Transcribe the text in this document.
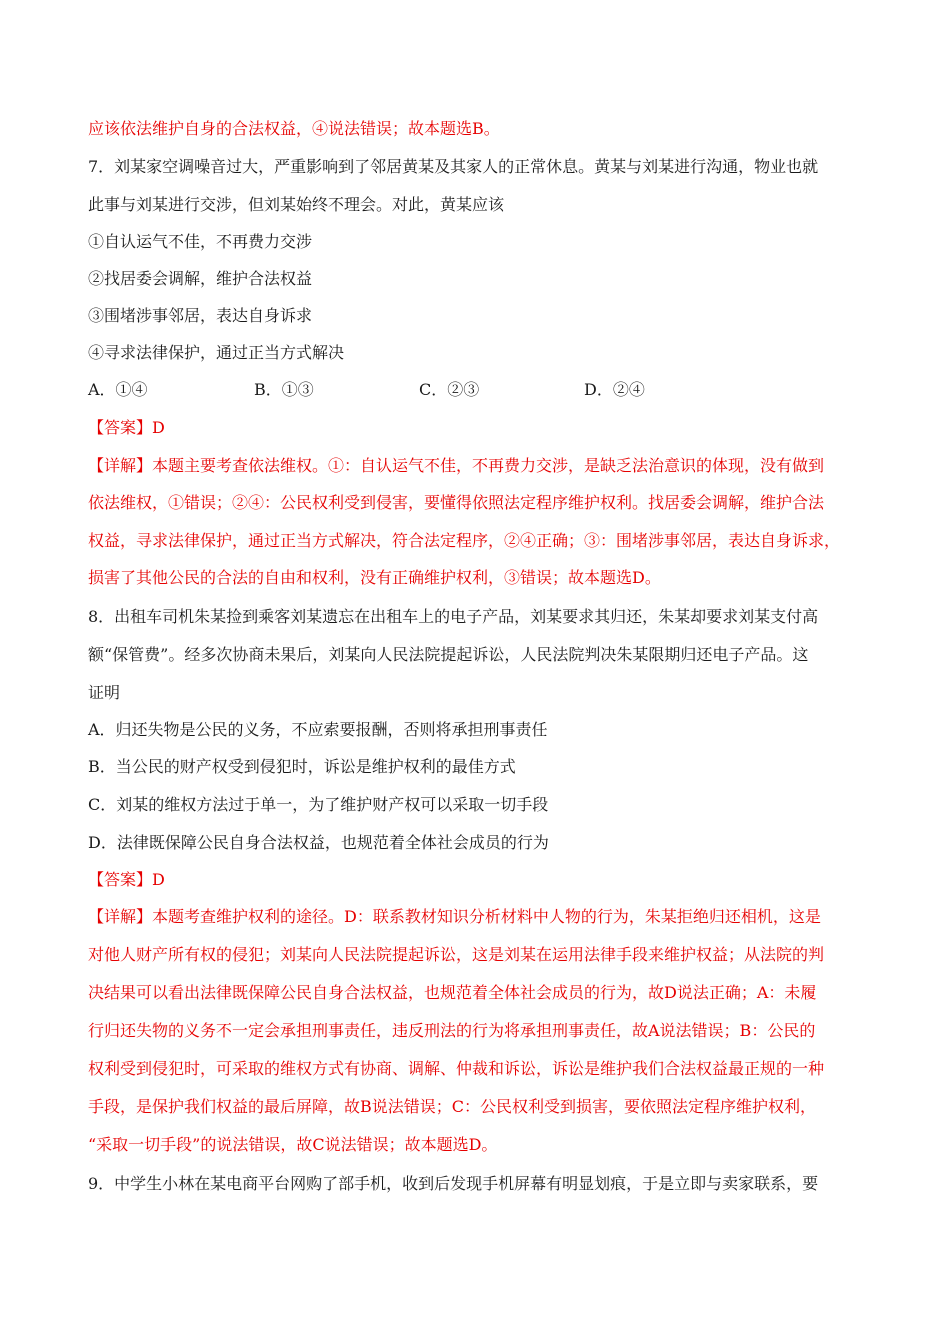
应该依法维护自身的合法权益，④说法错误；故本题选B。
7．刘某家空调噪音过大，严重影响到了邻居黄某及其家人的正常休息。黄某与刘某进行沟通，物业也就
此事与刘某进行交涉，但刘某始终不理会。对此，黄某应该
①自认运气不佳，不再费力交涉
②找居委会调解，维护合法权益
③围堵涉事邻居，表达自身诉求
④寻求法律保护，通过正当方式解决
A．①④	B．①③	C．②③	D．②④
【答案】D
【详解】本题主要考查依法维权。①：自认运气不佳，不再费力交涉，是缺乏法治意识的体现，没有做到
依法维权，①错误；②④：公民权利受到侵害，要懂得依照法定程序维护权利。找居委会调解，维护合法
权益，寻求法律保护，通过正当方式解决，符合法定程序，②④正确；③：围堵涉事邻居，表达自身诉求，
损害了其他公民的合法的自由和权利，没有正确维护权利，③错误；故本题选D。
8．出租车司机朱某捡到乘客刘某遗忘在出租车上的电子产品，刘某要求其归还，朱某却要求刘某支付高
额“保管费”。经多次协商未果后，刘某向人民法院提起诉讼，人民法院判决朱某限期归还电子产品。这
证明
A．归还失物是公民的义务，不应索要报酬，否则将承担刑事责任
B．当公民的财产权受到侵犯时，诉讼是维护权利的最佳方式
C．刘某的维权方法过于单一，为了维护财产权可以采取一切手段
D．法律既保障公民自身合法权益，也规范着全体社会成员的行为
【答案】D
【详解】本题考查维护权利的途径。D：联系教材知识分析材料中人物的行为，朱某拒绝归还相机，这是
对他人财产所有权的侵犯；刘某向人民法院提起诉讼，这是刘某在运用法律手段来维护权益；从法院的判
决结果可以看出法律既保障公民自身合法权益，也规范着全体社会成员的行为，故D说法正确；A：未履
行归还失物的义务不一定会承担刑事责任，违反刑法的行为将承担刑事责任，故A说法错误；B：公民的
权利受到侵犯时，可采取的维权方式有协商、调解、仲裁和诉讼，诉讼是维护我们合法权益最正规的一种
手段，是保护我们权益的最后屏障，故B说法错误；C：公民权利受到损害，要依照法定程序维护权利，
“采取一切手段”的说法错误，故C说法错误；故本题选D。
9．中学生小林在某电商平台网购了部手机，收到后发现手机屏幕有明显划痕，于是立即与卖家联系，要
